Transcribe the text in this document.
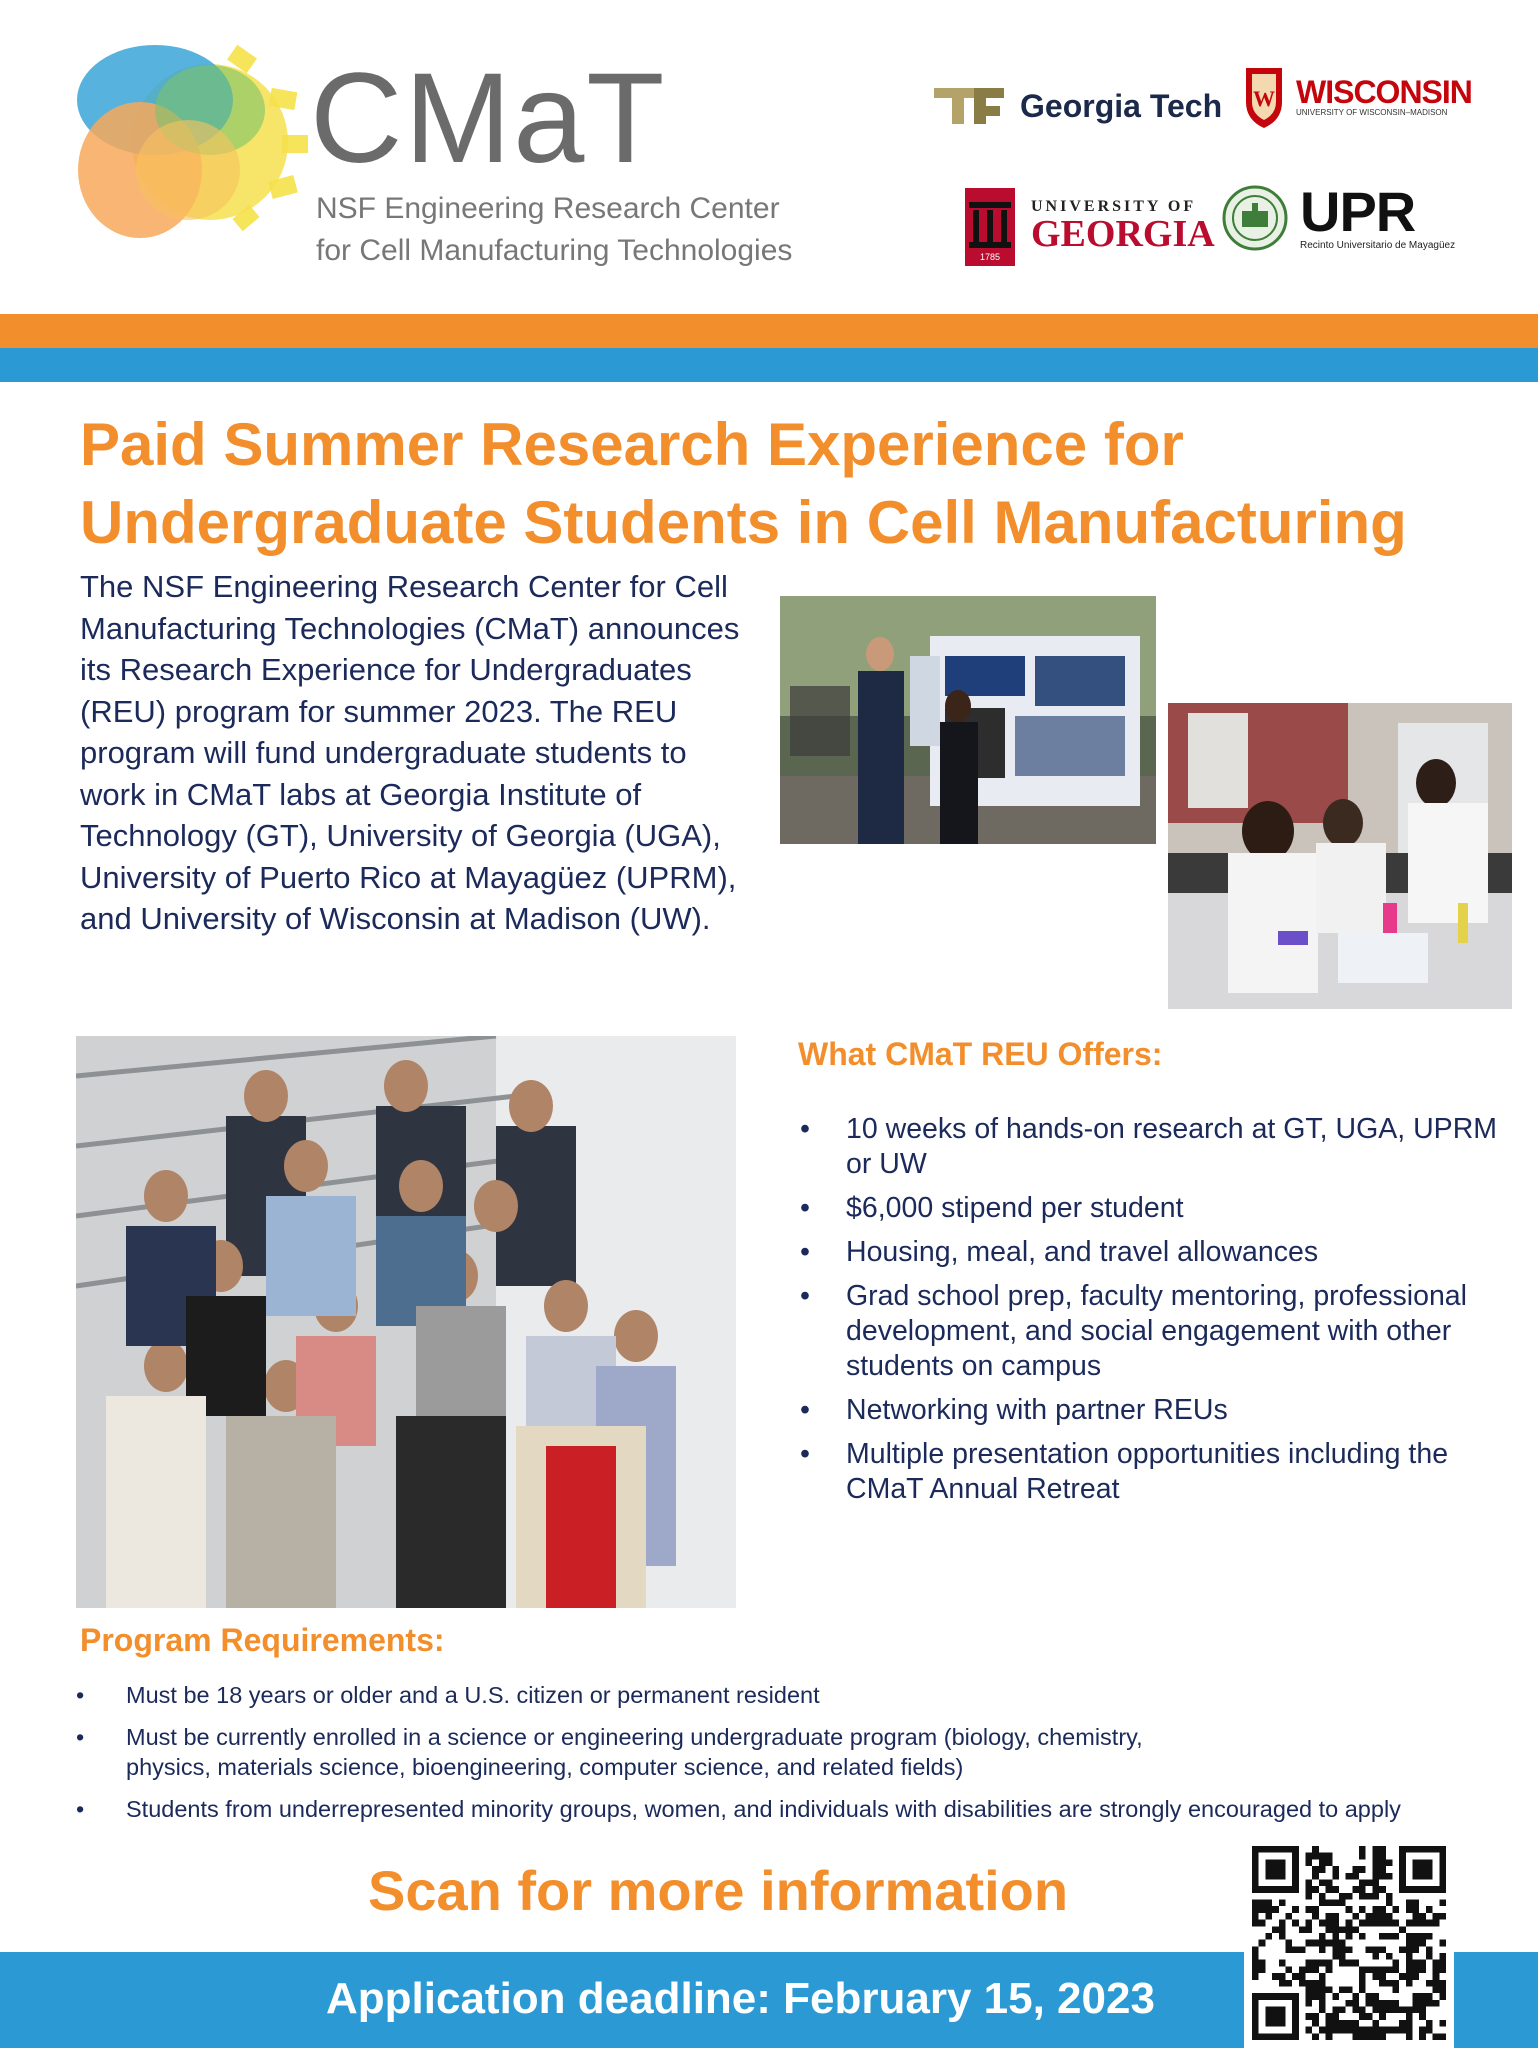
CMaT
NSF Engineering Research Center
for Cell Manufacturing Technologies
Georgia Tech W WISCONSIN
UNIVERSITY OF WISCONSIN–MADISON
1785
UNIVERSITY OF
GEORGIA UPR
Recinto Universitario de Mayagüez
Paid Summer Research Experience for Undergraduate Students in Cell Manufacturing
The NSF Engineering Research Center for Cell Manufacturing Technologies (CMaT) announces its Research Experience for Undergraduates (REU) program for summer 2023. The REU program will fund undergraduate students to work in CMaT labs at Georgia Institute of Technology (GT), University of Georgia (UGA), University of Puerto Rico at Mayagüez (UPRM), and University of Wisconsin at Madison (UW).
What CMaT REU Offers:
• 10 weeks of hands-on research at GT, UGA, UPRM or UW
• $6,000 stipend per student
• Housing, meal, and travel allowances
• Grad school prep, faculty mentoring, professional development, and social engagement with other students on campus
• Networking with partner REUs
• Multiple presentation opportunities including the CMaT Annual Retreat
Program Requirements:
• Must be 18 years or older and a U.S. citizen or permanent resident
• Must be currently enrolled in a science or engineering undergraduate program (biology, chemistry, physics, materials science, bioengineering, computer science, and related fields)
• Students from underrepresented minority groups, women, and individuals with disabilities are strongly encouraged to apply
Scan for more information
Application deadline: February 15, 2023
